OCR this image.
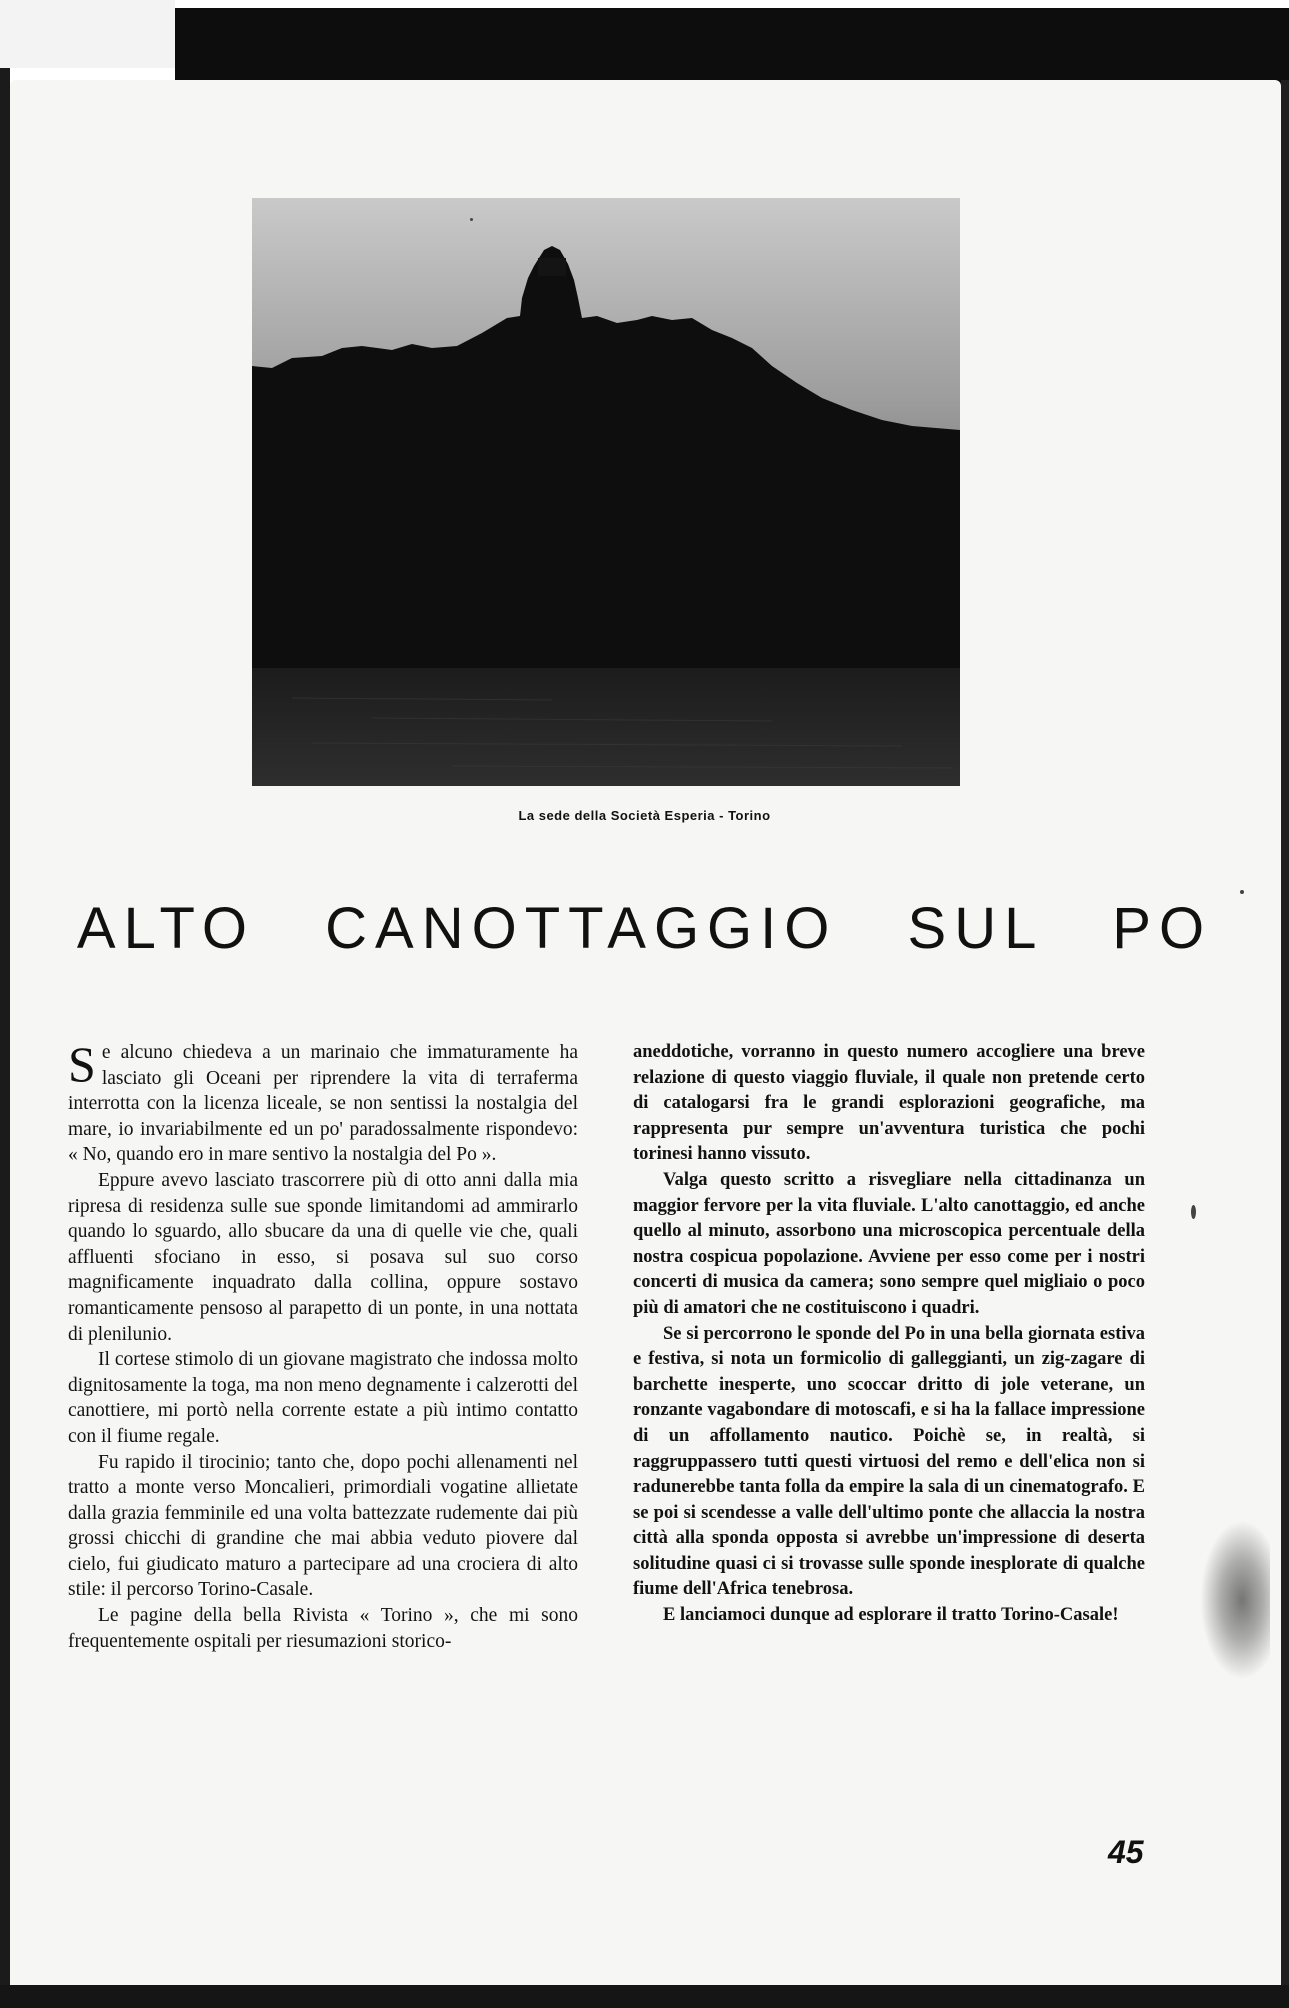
La sede della Società Esperia - Torino
ALTO CANOTTAGGIO SUL PO

Se alcuno chiedeva a un marinaio che immaturamente ha lasciato gli Oceani per riprendere la vita di terraferma interrotta con la licenza liceale, se non sentissi la nostalgia del mare, io invariabilmente ed un po' paradossalmente rispondevo: « No, quando ero in mare sentivo la nostalgia del Po ».

Eppure avevo lasciato trascorrere più di otto anni dalla mia ripresa di residenza sulle sue sponde limitandomi ad ammirarlo quando lo sguardo, allo sbucare da una di quelle vie che, quali affluenti sfociano in esso, si posava sul suo corso magnificamente inquadrato dalla collina, oppure sostavo romanticamente pensoso al parapetto di un ponte, in una nottata di plenilunio.

Il cortese stimolo di un giovane magistrato che indossa molto dignitosamente la toga, ma non meno degnamente i calzerotti del canottiere, mi portò nella corrente estate a più intimo contatto con il fiume regale.

Fu rapido il tirocinio; tanto che, dopo pochi allenamenti nel tratto a monte verso Moncalieri, primordiali vogatine allietate dalla grazia femminile ed una volta battezzate rudemente dai più grossi chicchi di grandine che mai abbia veduto piovere dal cielo, fui giudicato maturo a partecipare ad una crociera di alto stile: il percorso Torino-Casale.

Le pagine della bella Rivista « Torino », che mi sono frequentemente ospitali per riesumazioni storico-

aneddotiche, vorranno in questo numero accogliere una breve relazione di questo viaggio fluviale, il quale non pretende certo di catalogarsi fra le grandi esplorazioni geografiche, ma rappresenta pur sempre un'avventura turistica che pochi torinesi hanno vissuto.

Valga questo scritto a risvegliare nella cittadinanza un maggior fervore per la vita fluviale. L'alto canottaggio, ed anche quello al minuto, assorbono una microscopica percentuale della nostra cospicua popolazione. Avviene per esso come per i nostri concerti di musica da camera; sono sempre quel migliaio o poco più di amatori che ne costituiscono i quadri.

Se si percorrono le sponde del Po in una bella giornata estiva e festiva, si nota un formicolio di galleggianti, un zig-zagare di barchette inesperte, uno scoccar dritto di jole veterane, un ronzante vagabondare di motoscafi, e si ha la fallace impressione di un affollamento nautico. Poichè se, in realtà, si raggruppassero tutti questi virtuosi del remo e dell'elica non si radunerebbe tanta folla da empire la sala di un cinematografo. E se poi si scendesse a valle dell'ultimo ponte che allaccia la nostra città alla sponda opposta si avrebbe un'impressione di deserta solitudine quasi ci si trovasse sulle sponde inesplorate di qualche fiume dell'Africa tenebrosa.

E lanciamoci dunque ad esplorare il tratto Torino-Casale!

45
